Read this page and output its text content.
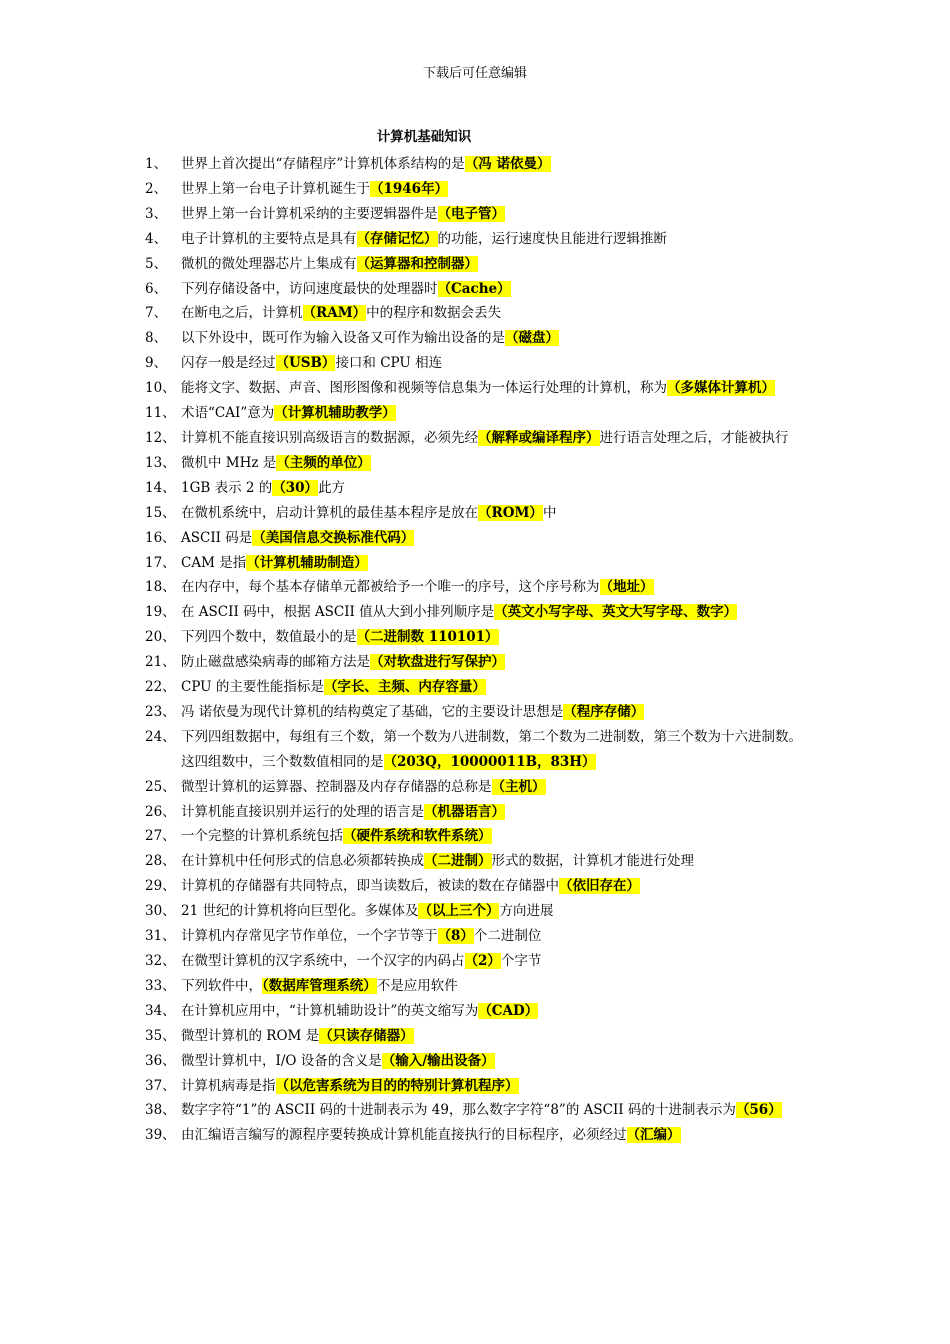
下载后可任意编辑
计算机基础知识
1、 世界上首次提出“存储程序”计算机体系结构的是（冯 诺依曼）
2、 世界上第一台电子计算机诞生于（1946年）
3、 世界上第一台计算机采纳的主要逻辑器件是（电子管）
4、 电子计算机的主要特点是具有（存储记忆）的功能，运行速度快且能进行逻辑推断
5、 微机的微处理器芯片上集成有（运算器和控制器）
6、 下列存储设备中，访问速度最快的处理器时（Cache）
7、 在断电之后，计算机（RAM）中的程序和数据会丢失
8、 以下外设中，既可作为输入设备又可作为输出设备的是（磁盘）
9、 闪存一般是经过（USB）接口和 CPU 相连
10、 能将文字、数据、声音、图形图像和视频等信息集为一体运行处理的计算机，称为（多媒体计算机）
11、 术语“CAI”意为（计算机辅助教学）
12、 计算机不能直接识别高级语言的数据源，必须先经（解释或编译程序）进行语言处理之后，才能被执行
13、 微机中 MHz 是（主频的单位）
14、 1GB 表示 2 的（30）此方
15、 在微机系统中，启动计算机的最佳基本程序是放在（ROM）中
16、 ASCII 码是（美国信息交换标准代码）
17、 CAM 是指（计算机辅助制造）
18、 在内存中，每个基本存储单元都被给予一个唯一的序号，这个序号称为（地址）
19、 在 ASCII 码中，根据 ASCII 值从大到小排列顺序是（英文小写字母、英文大写字母、数字）
20、 下列四个数中，数值最小的是（二进制数 110101）
21、 防止磁盘感染病毒的邮箱方法是（对软盘进行写保护）
22、 CPU 的主要性能指标是（字长、主频、内存容量）
23、 冯 诺依曼为现代计算机的结构奠定了基础，它的主要设计思想是（程序存储）
24、 下列四组数据中，每组有三个数，第一个数为八进制数，第二个数为二进制数，第三个数为十六进制数。这四组数中，三个数数值相同的是（203Q，10000011B，83H）
25、 微型计算机的运算器、控制器及内存存储器的总称是（主机）
26、 计算机能直接识别并运行的处理的语言是（机器语言）
27、 一个完整的计算机系统包括（硬件系统和软件系统）
28、 在计算机中任何形式的信息必须都转换成（二进制）形式的数据，计算机才能进行处理
29、 计算机的存储器有共同特点，即当读数后，被读的数在存储器中（依旧存在）
30、 21 世纪的计算机将向巨型化。多媒体及（以上三个）方向进展
31、 计算机内存常见字节作单位，一个字节等于（8）个二进制位
32、 在微型计算机的汉字系统中，一个汉字的内码占（2）个字节
33、 下列软件中，（数据库管理系统）不是应用软件
34、 在计算机应用中，“计算机辅助设计”的英文缩写为（CAD）
35、 微型计算机的 ROM 是（只读存储器）
36、 微型计算机中，I/O 设备的含义是（输入/输出设备）
37、 计算机病毒是指（以危害系统为目的的特别计算机程序）
38、 数字字符“1”的 ASCII 码的十进制表示为 49，那么数字字符“8”的 ASCII 码的十进制表示为（56）
39、 由汇编语言编写的源程序要转换成计算机能直接执行的目标程序，必须经过（汇编）
